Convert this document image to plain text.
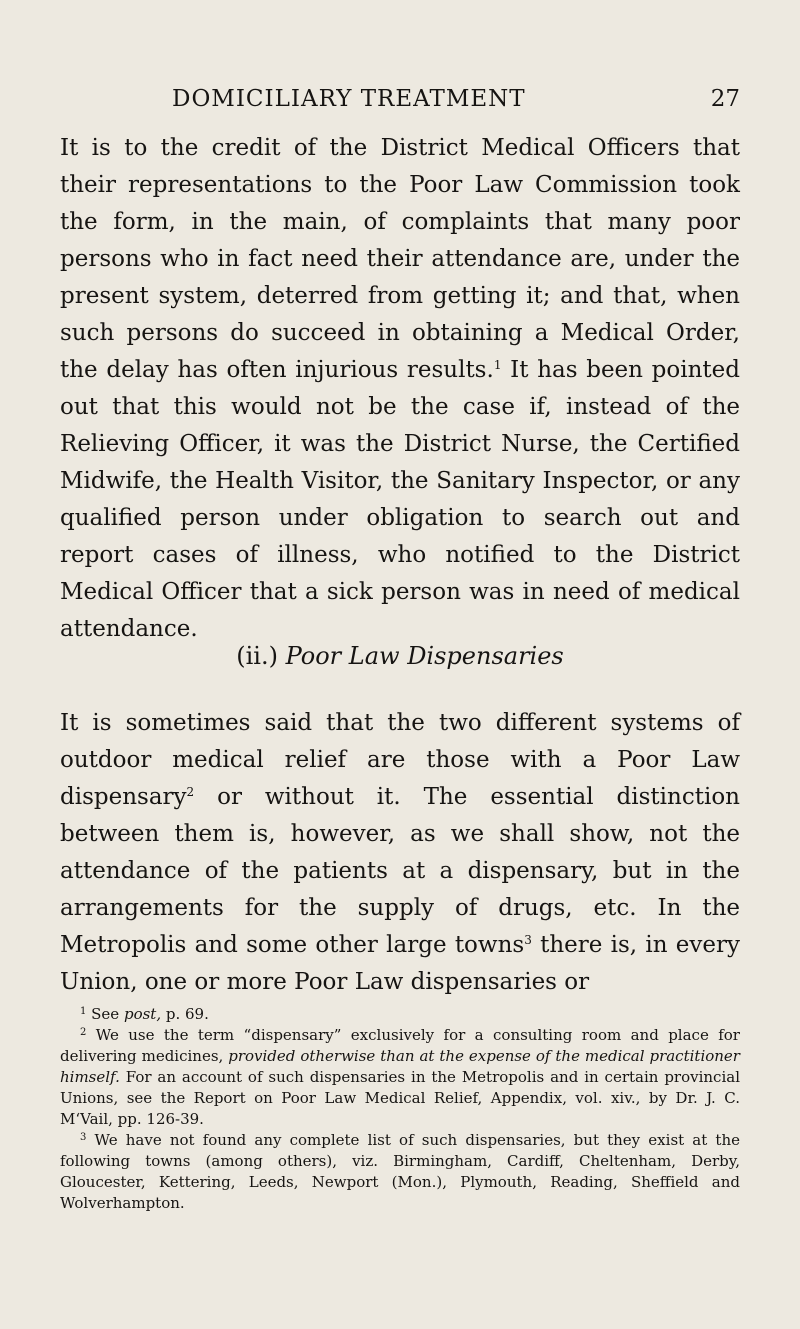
DOMICILIARY TREATMENT	27

It is to the credit of the District Medical Officers that their representations to the Poor Law Commission took the form, in the main, of complaints that many poor persons who in fact need their attendance are, under the present system, deterred from getting it; and that, when such persons do succeed in obtaining a Medical Order, the delay has often injurious results.$^1$ It has been pointed out that this would not be the case if, instead of the Relieving Officer, it was the District Nurse, the Certified Midwife, the Health Visitor, the Sanitary Inspector, or any qualified person under obligation to search out and report cases of illness, who notified to the District Medical Officer that a sick person was in need of medical attendance.

(ii.) Poor Law Dispensaries

It is sometimes said that the two different systems of outdoor medical relief are those with a Poor Law dispensary$^2$ or without it. The essential distinction between them is, however, as we shall show, not the attendance of the patients at a dispensary, but in the arrangements for the supply of drugs, etc. In the Metropolis and some other large towns$^3$ there is, in every Union, one or more Poor Law dispensaries or

$^1$ See post, p. 69.

$^2$ We use the term “dispensary” exclusively for a consulting room and place for delivering medicines, provided otherwise than at the expense of the medical practitioner himself. For an account of such dispensaries in the Metropolis and in certain provincial Unions, see the Report on Poor Law Medical Relief, Appendix, vol. xiv., by Dr. J. C. M‘Vail, pp. 126-39.

$^3$ We have not found any complete list of such dispensaries, but they exist at the following towns (among others), viz. Birmingham, Cardiff, Cheltenham, Derby, Gloucester, Kettering, Leeds, Newport (Mon.), Plymouth, Reading, Sheffield and Wolverhampton.
